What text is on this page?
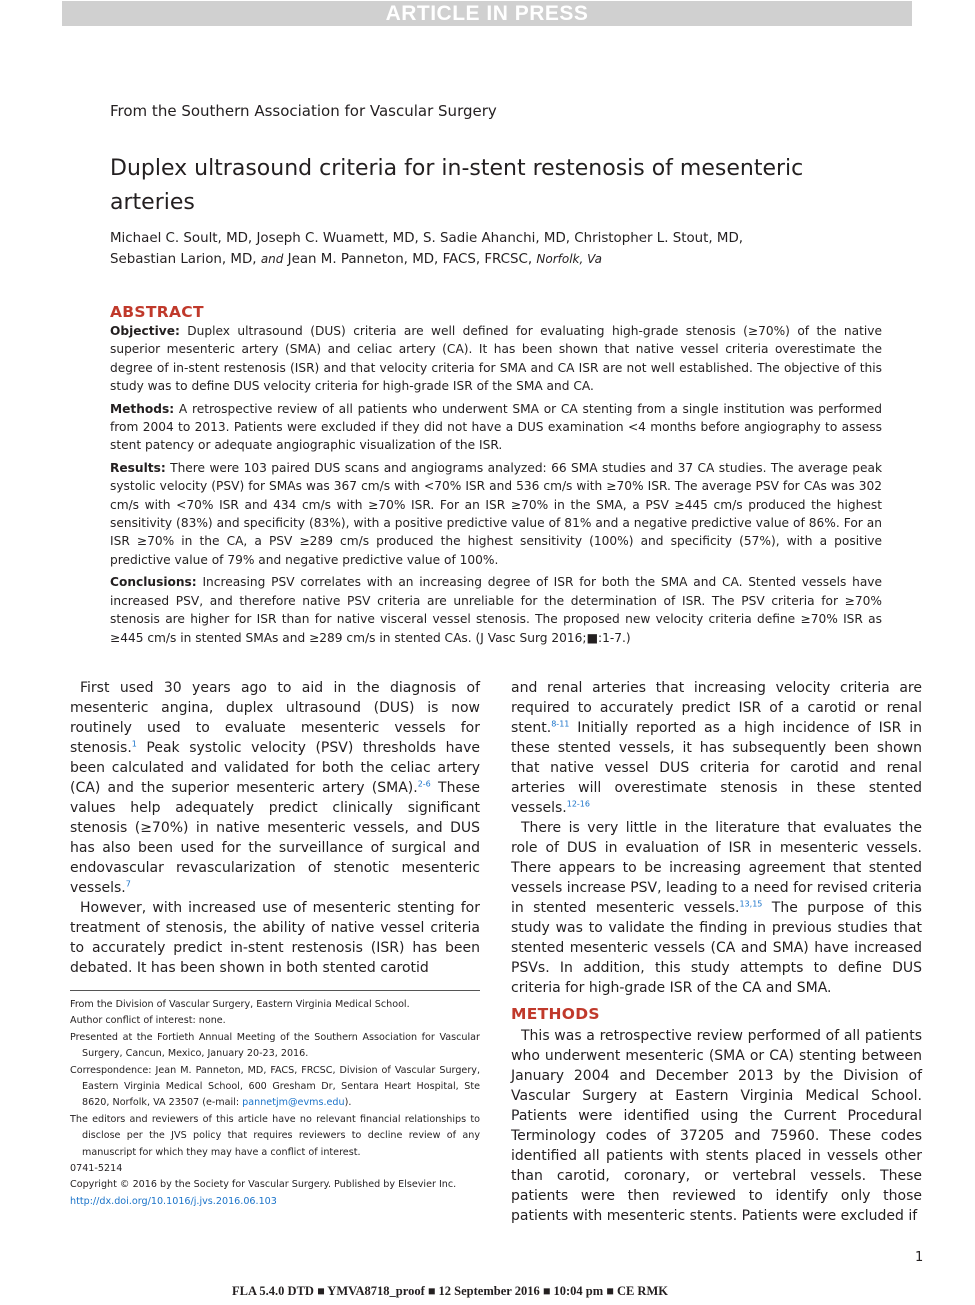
ARTICLE IN PRESS
From the Southern Association for Vascular Surgery
Duplex ultrasound criteria for in-stent restenosis of mesenteric arteries
Michael C. Soult, MD, Joseph C. Wuamett, MD, S. Sadie Ahanchi, MD, Christopher L. Stout, MD,
Sebastian Larion, MD, and Jean M. Panneton, MD, FACS, FRCSC, Norfolk, Va
ABSTRACT

Objective: Duplex ultrasound (DUS) criteria are well defined for evaluating high-grade stenosis (≥70%) of the native superior mesenteric artery (SMA) and celiac artery (CA). It has been shown that native vessel criteria overestimate the degree of in-stent restenosis (ISR) and that velocity criteria for SMA and CA ISR are not well established. The objective of this study was to define DUS velocity criteria for high-grade ISR of the SMA and CA.

Methods: A retrospective review of all patients who underwent SMA or CA stenting from a single institution was performed from 2004 to 2013. Patients were excluded if they did not have a DUS examination <4 months before angiography to assess stent patency or adequate angiographic visualization of the ISR.

Results: There were 103 paired DUS scans and angiograms analyzed: 66 SMA studies and 37 CA studies. The average peak systolic velocity (PSV) for SMAs was 367 cm/s with <70% ISR and 536 cm/s with ≥70% ISR. The average PSV for CAs was 302 cm/s with <70% ISR and 434 cm/s with ≥70% ISR. For an ISR ≥70% in the SMA, a PSV ≥445 cm/s produced the highest sensitivity (83%) and specificity (83%), with a positive predictive value of 81% and a negative predictive value of 86%. For an ISR ≥70% in the CA, a PSV ≥289 cm/s produced the highest sensitivity (100%) and specificity (57%), with a positive predictive value of 79% and negative predictive value of 100%.

Conclusions: Increasing PSV correlates with an increasing degree of ISR for both the SMA and CA. Stented vessels have increased PSV, and therefore native PSV criteria are unreliable for the determination of ISR. The PSV criteria for ≥70% stenosis are higher for ISR than for native visceral vessel stenosis. The proposed new velocity criteria define ≥70% ISR as ≥445 cm/s in stented SMAs and ≥289 cm/s in stented CAs. (J Vasc Surg 2016;■:1-7.)

First used 30 years ago to aid in the diagnosis of mesenteric angina, duplex ultrasound (DUS) is now routinely used to evaluate mesenteric vessels for stenosis.$^1$ Peak systolic velocity (PSV) thresholds have been calculated and validated for both the celiac artery (CA) and the superior mesenteric artery (SMA).$^{2-6}$ These values help adequately predict clinically significant stenosis (≥70%) in native mesenteric vessels, and DUS has also been used for the surveillance of surgical and endovascular revascularization of stenotic mesenteric vessels.$^7$

However, with increased use of mesenteric stenting for treatment of stenosis, the ability of native vessel criteria to accurately predict in-stent restenosis (ISR) has been debated. It has been shown in both stented carotid

and renal arteries that increasing velocity criteria are required to accurately predict ISR of a carotid or renal stent.$^{8-11}$ Initially reported as a high incidence of ISR in these stented vessels, it has subsequently been shown that native vessel DUS criteria for carotid and renal arteries will overestimate stenosis in these stented vessels.$^{12-16}$

There is very little in the literature that evaluates the role of DUS in evaluation of ISR in mesenteric vessels. There appears to be increasing agreement that stented vessels increase PSV, leading to a need for revised criteria in stented mesenteric vessels.$^{13,15}$ The purpose of this study was to validate the finding in previous studies that stented mesenteric vessels (CA and SMA) have increased PSVs. In addition, this study attempts to define DUS criteria for high-grade ISR of the CA and SMA.

METHODS

This was a retrospective review performed of all patients who underwent mesenteric (SMA or CA) stenting between January 2004 and December 2013 by the Division of Vascular Surgery at Eastern Virginia Medical School. Patients were identified using the Current Procedural Terminology codes of 37205 and 75960. These codes identified all patients with stents placed in vessels other than carotid, coronary, or vertebral vessels. These patients were then reviewed to identify only those patients with mesenteric stents. Patients were excluded if

From the Division of Vascular Surgery, Eastern Virginia Medical School.

Author conflict of interest: none.

Presented at the Fortieth Annual Meeting of the Southern Association for Vascular Surgery, Cancun, Mexico, January 20-23, 2016.

Correspondence: Jean M. Panneton, MD, FACS, FRCSC, Division of Vascular Surgery, Eastern Virginia Medical School, 600 Gresham Dr, Sentara Heart Hospital, Ste 8620, Norfolk, VA 23507 (e-mail: pannetjm@evms.edu).

The editors and reviewers of this article have no relevant financial relationships to disclose per the JVS policy that requires reviewers to decline review of any manuscript for which they may have a conflict of interest.

0741-5214

Copyright © 2016 by the Society for Vascular Surgery. Published by Elsevier Inc.

http://dx.doi.org/10.1016/j.jvs.2016.06.103

1
FLA 5.4.0 DTD ■ YMVA8718_proof ■ 12 September 2016 ■ 10:04 pm ■ CE RMK
